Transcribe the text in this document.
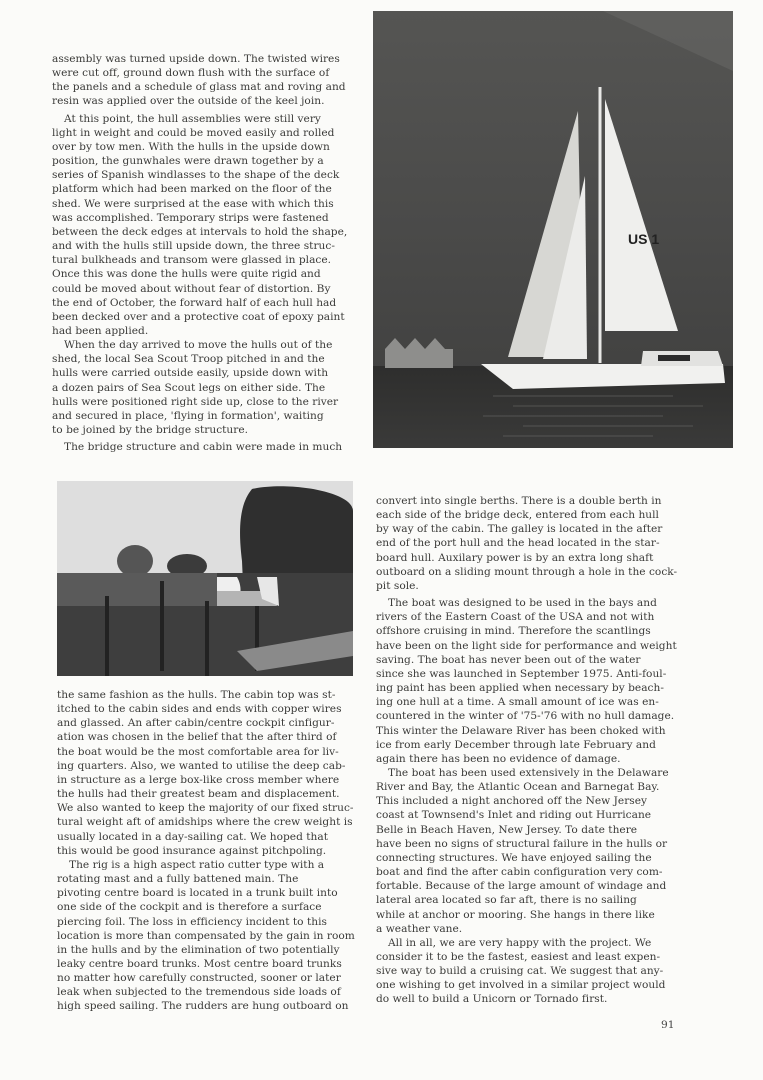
assembly was turned upside down. The twisted wires

were cut off, ground down flush with the surface of

the panels and a schedule of glass mat and roving and

resin was applied over the outside of the keel join.

At this point, the hull assemblies were still very

light in weight and could be moved easily and rolled

over by tow men. With the hulls in the upside down

position, the gunwhales were drawn together by a

series of Spanish windlasses to the shape of the deck

platform which had been marked on the floor of the

shed. We were surprised at the ease with which this

was accomplished. Temporary strips were fastened

between the deck edges at intervals to hold the shape,

and with the hulls still upside down, the three struc-

tural bulkheads and transom were glassed in place.

Once this was done the hulls were quite rigid and

could be moved about without fear of distortion. By

the end of October, the forward half of each hull had

been decked over and a protective coat of epoxy paint

had been applied.

When the day arrived to move the hulls out of the

shed, the local Sea Scout Troop pitched in and the

hulls were carried outside easily, upside down with

a dozen pairs of Sea Scout legs on either side. The

hulls were positioned right side up, close to the river

and secured in place, 'flying in formation', waiting

to be joined by the bridge structure.

The bridge structure and cabin were made in much

US 1

the same fashion as the hulls. The cabin top was st-

itched to the cabin sides and ends with copper wires

and glassed. An after cabin/centre cockpit cinfigur-

ation was chosen in the belief that the after third of

the boat would be the most comfortable area for liv-

ing quarters. Also, we wanted to utilise the deep cab-

in structure as a lerge box-like cross member where

the hulls had their greatest beam and displacement.

We also wanted to keep the majority of our fixed struc-

tural weight aft of amidships where the crew weight is

usually located in a day-sailing cat. We hoped that

this would be good insurance against pitchpoling.

The rig is a high aspect ratio cutter type with a

rotating mast and a fully battened main. The

pivoting centre board is located in a trunk built into

one side of the cockpit and is therefore a surface

piercing foil. The loss in efficiency incident to this

location is more than compensated by the gain in room

in the hulls and by the elimination of two potentially

leaky centre board trunks. Most centre board trunks

no matter how carefully constructed, sooner or later

leak when subjected to the tremendous side loads of

high speed sailing. The rudders are hung outboard on

convert into single berths. There is a double berth in

each side of the bridge deck, entered from each hull

by way of the cabin. The galley is located in the after

end of the port hull and the head located in the star-

board hull. Auxilary power is by an extra long shaft

outboard on a sliding mount through a hole in the cock-

pit sole.

The boat was designed to be used in the bays and

rivers of the Eastern Coast of the USA and not with

offshore cruising in mind. Therefore the scantlings

have been on the light side for performance and weight

saving. The boat has never been out of the water

since she was launched in September 1975. Anti-foul-

ing paint has been applied when necessary by beach-

ing one hull at a time. A small amount of ice was en-

countered in the winter of '75-'76 with no hull damage.

This winter the Delaware River has been choked with

ice from early December through late February and

again there has been no evidence of damage.

The boat has been used extensively in the Delaware

River and Bay, the Atlantic Ocean and Barnegat Bay.

This included a night anchored off the New Jersey

coast at Townsend's Inlet and riding out Hurricane

Belle in Beach Haven, New Jersey. To date there

have been no signs of structural failure in the hulls or

connecting structures. We have enjoyed sailing the

boat and find the after cabin configuration very com-

fortable. Because of the large amount of windage and

lateral area located so far aft, there is no sailing

while at anchor or mooring. She hangs in there like

a weather vane.

All in all, we are very happy with the project. We

consider it to be the fastest, easiest and least expen-

sive way to build a cruising cat. We suggest that any-

one wishing to get involved in a similar project would

do well to build a Unicorn or Tornado first.

91
